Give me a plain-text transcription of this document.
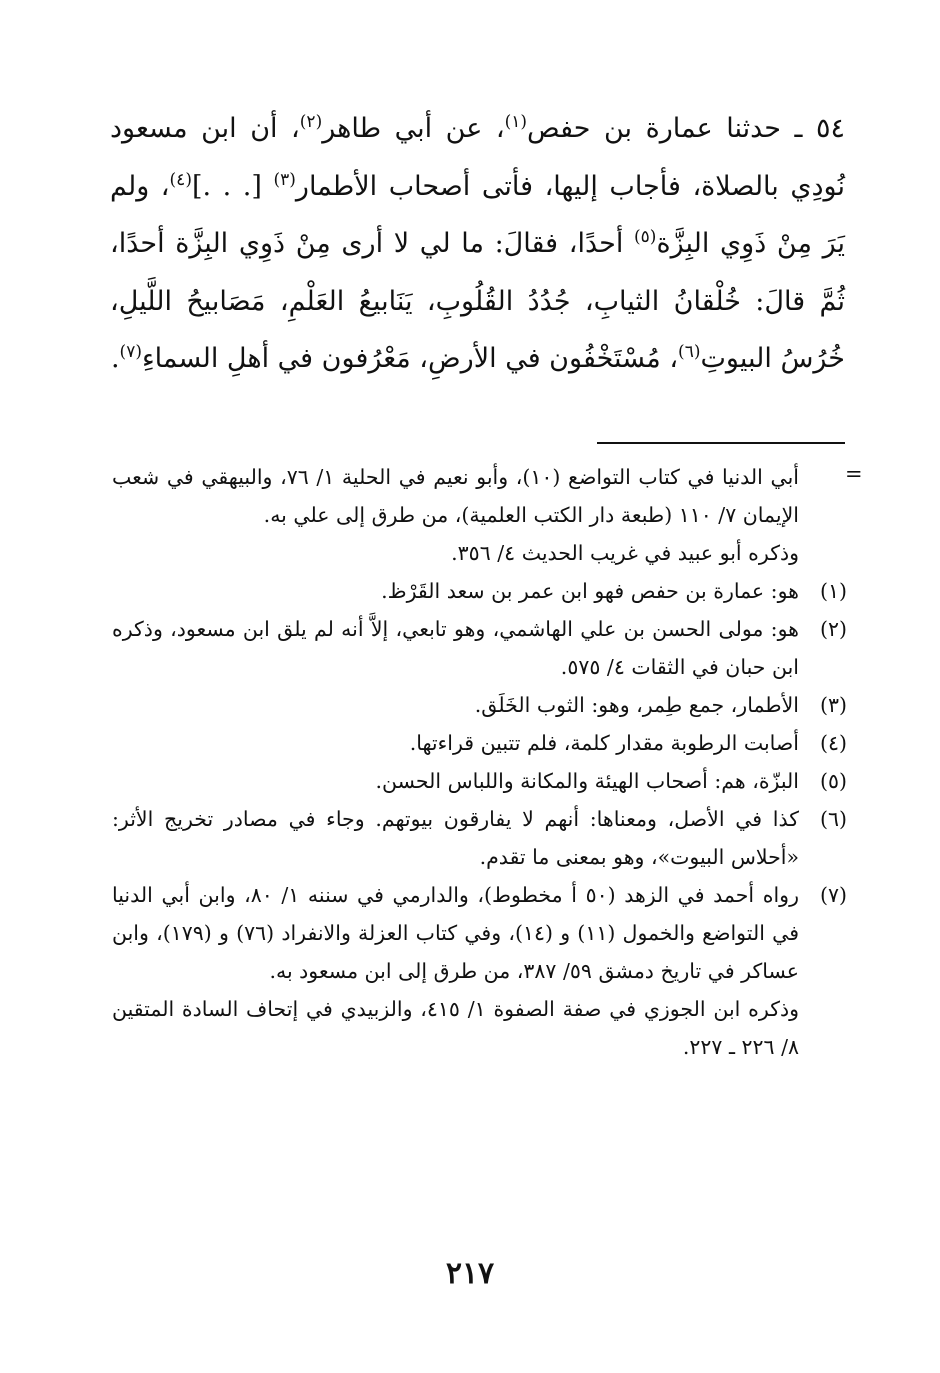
٥٤ ـ حدثنا عمارة بن حفص$^{(١)}$، عن أبي طاهر$^{(٢)}$، أن ابن مسعود نُودِي بالصلاة، فأجاب إليها، فأتى أصحاب الأطمار$^{(٣)}$ [. . .]$^{(٤)}$، ولم يَرَ مِنْ ذَوِي البِزَّة$^{(٥)}$ أحدًا، فقالَ: ما لي لا أرى مِنْ ذَوِي البِزَّة أحدًا، ثُمَّ قالَ: خُلْقانُ الثيابِ، جُدُدُ القُلُوبِ، يَنَابيعُ العَلْمِ، مَصَابيحُ اللَّيلِ، خُرُسُ البيوتِ$^{(٦)}$، مُسْتَخْفُون في الأرضِ، مَعْرُفون في أهلِ السماءِ$^{(٧)}$.

=
أبي الدنيا في كتاب التواضع (١٠)، وأبو نعيم في الحلية ١/ ٧٦، والبيهقي في شعب الإيمان ٧/ ١١٠ (طبعة دار الكتب العلمية)، من طرق إلى علي به.
وذكره أبو عبيد في غريب الحديث ٤/ ٣٥٦.
(١)
هو: عمارة بن حفص فهو ابن عمر بن سعد القَرْظ.
(٢)
هو: مولى الحسن بن علي الهاشمي، وهو تابعي، إلاَّ أنه لم يلق ابن مسعود، وذكره ابن حبان في الثقات ٤/ ٥٧٥.
(٣)
الأطمار، جمع طِمر، وهو: الثوب الخَلَق.
(٤)
أصابت الرطوبة مقدار كلمة، فلم تتبين قراءتها.
(٥)
البزّة، هم: أصحاب الهيئة والمكانة واللباس الحسن.
(٦)
كذا في الأصل، ومعناها: أنهم لا يفارقون بيوتهم. وجاء في مصادر تخريج الأثر: «أحلاس البيوت»، وهو بمعنى ما تقدم.
(٧)
رواه أحمد في الزهد (٥٠ أ مخطوط)، والدارمي في سننه ١/ ٨٠، وابن أبي الدنيا في التواضع والخمول (١١) و (١٤)، وفي كتاب العزلة والانفراد (٧٦) و (١٧٩)، وابن عساكر في تاريخ دمشق ٥٩/ ٣٨٧، من طرق إلى ابن مسعود به.
وذكره ابن الجوزي في صفة الصفوة ١/ ٤١٥، والزبيدي في إتحاف السادة المتقين ٨/ ٢٢٦ ـ ٢٢٧.
٢١٧
